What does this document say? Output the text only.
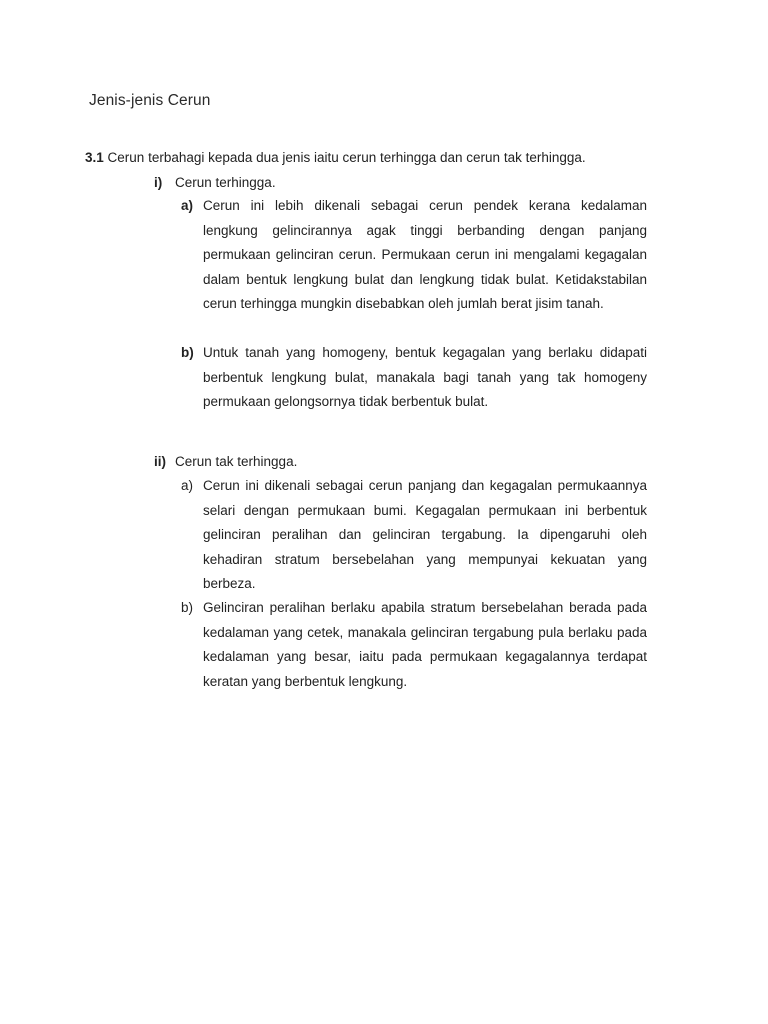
Jenis-jenis Cerun
3.1 Cerun terbahagi kepada dua jenis iaitu cerun terhingga dan cerun tak terhingga.
i) Cerun terhingga.
a) Cerun ini lebih dikenali sebagai cerun pendek kerana kedalaman lengkung gelincirannya agak tinggi berbanding dengan panjang permukaan gelinciran cerun. Permukaan cerun ini mengalami kegagalan dalam bentuk lengkung bulat dan lengkung tidak bulat. Ketidakstabilan cerun terhingga mungkin disebabkan oleh jumlah berat jisim tanah.
b) Untuk tanah yang homogeny, bentuk kegagalan yang berlaku didapati berbentuk lengkung bulat, manakala bagi tanah yang tak homogeny permukaan gelongsornya tidak berbentuk bulat.
ii) Cerun tak terhingga.
a) Cerun ini dikenali sebagai cerun panjang dan kegagalan permukaannya selari dengan permukaan bumi. Kegagalan permukaan ini berbentuk gelinciran peralihan dan gelinciran tergabung. Ia dipengaruhi oleh kehadiran stratum bersebelahan yang mempunyai kekuatan yang berbeza.
b) Gelinciran peralihan berlaku apabila stratum bersebelahan berada pada kedalaman yang cetek, manakala gelinciran tergabung pula berlaku pada kedalaman yang besar, iaitu pada permukaan kegagalannya terdapat keratan yang berbentuk lengkung.
